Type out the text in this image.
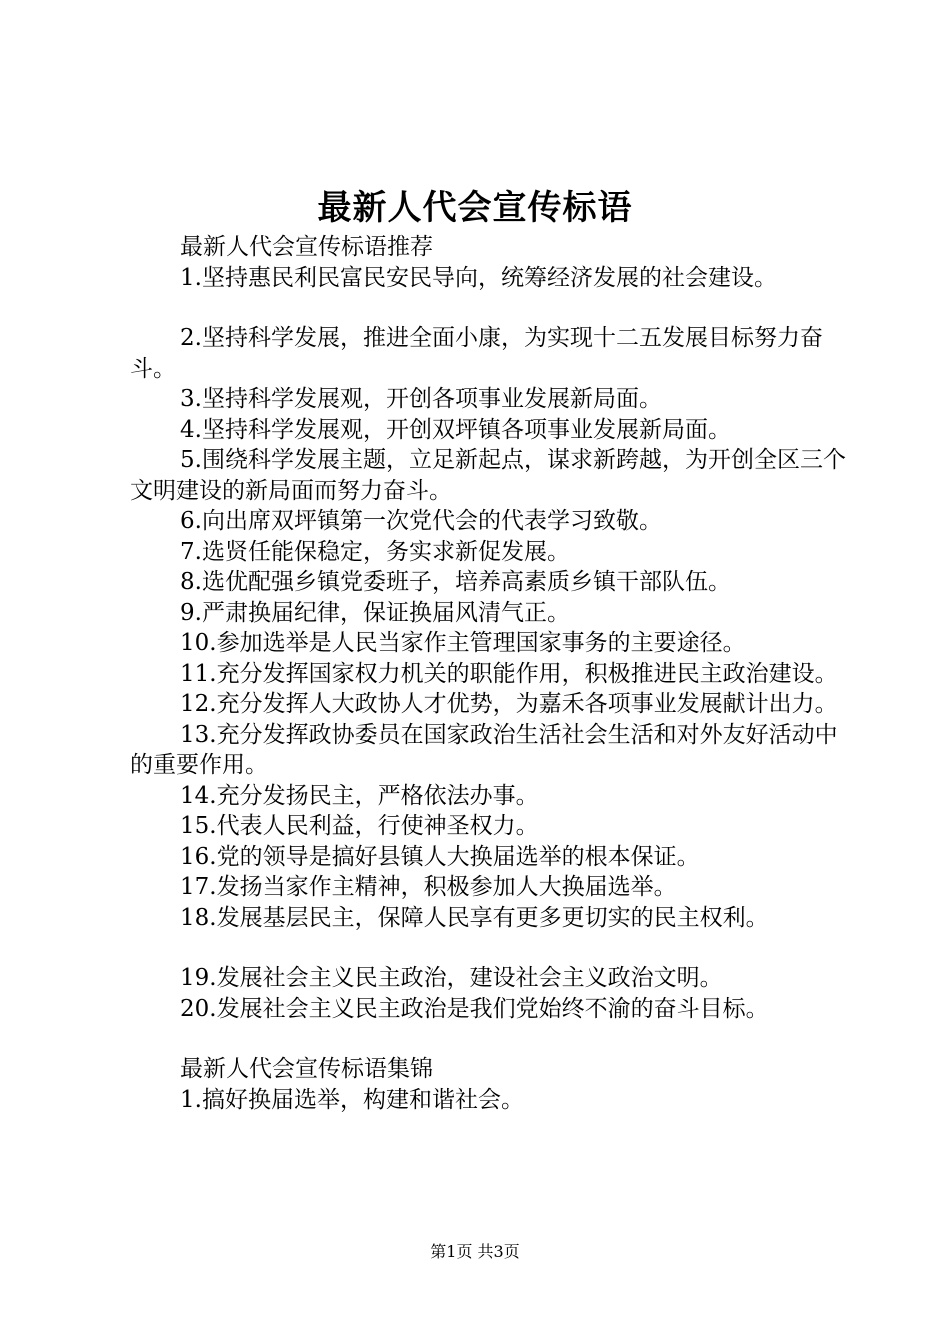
最新人代会宣传标语

最新人代会宣传标语推荐

1.坚持惠民利民富民安民导向，统筹经济发展的社会建设。

2.坚持科学发展，推进全面小康，为实现十二五发展目标努力奋斗。

3.坚持科学发展观，开创各项事业发展新局面。

4.坚持科学发展观，开创双坪镇各项事业发展新局面。

5.围绕科学发展主题，立足新起点，谋求新跨越，为开创全区三个文明建设的新局面而努力奋斗。

6.向出席双坪镇第一次党代会的代表学习致敬。

7.选贤任能保稳定，务实求新促发展。

8.选优配强乡镇党委班子，培养高素质乡镇干部队伍。

9.严肃换届纪律，保证换届风清气正。

10.参加选举是人民当家作主管理国家事务的主要途径。

11.充分发挥国家权力机关的职能作用，积极推进民主政治建设。

12.充分发挥人大政协人才优势，为嘉禾各项事业发展献计出力。

13.充分发挥政协委员在国家政治生活社会生活和对外友好活动中的重要作用。

14.充分发扬民主，严格依法办事。

15.代表人民利益，行使神圣权力。

16.党的领导是搞好县镇人大换届选举的根本保证。

17.发扬当家作主精神，积极参加人大换届选举。

18.发展基层民主，保障人民享有更多更切实的民主权利。

19.发展社会主义民主政治，建设社会主义政治文明。

20.发展社会主义民主政治是我们党始终不渝的奋斗目标。

最新人代会宣传标语集锦

1.搞好换届选举，构建和谐社会。

第1页 共3页
